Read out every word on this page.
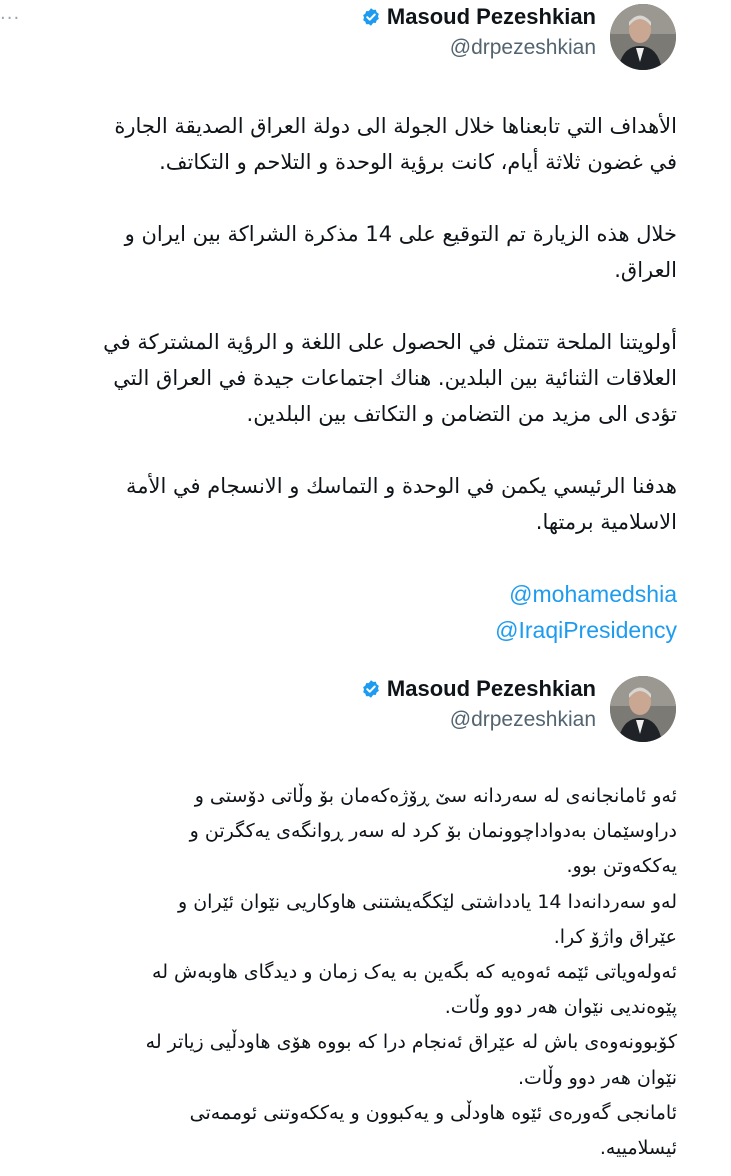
···	Masoud Pezeshkian
@drpezeshkian

الأهداف التي تابعناها خلال الجولة الى دولة العراق الصديقة الجارة
في غضون ثلاثة أيام، كانت برؤية الوحدة و التلاحم و التكاتف.

خلال هذه الزيارة تم التوقيع على 14 مذكرة الشراكة بين ايران و
العراق.

أولويتنا الملحة تتمثل في الحصول على اللغة و الرؤية المشتركة في
العلاقات الثنائية بين البلدين. هناك اجتماعات جيدة في العراق التي
تؤدى الى مزيد من التضامن و التكاتف بين البلدين.

هدفنا الرئيسي يكمن في الوحدة و التماسك و الانسجام في الأمة
الاسلامية برمتها.

@mohamedshia
@IraqiPresidency
Masoud Pezeshkian
@drpezeshkian

ئەو ئامانجانەی لە سەردانە سێ ڕۆژەکەمان بۆ وڵاتی دۆستی و

دراوسێمان بەدواداچوونمان بۆ کرد لە سەر ڕوانگەی یەکگرتن و

یەککەوتن بوو.

لەو سەردانەدا 14 یادداشتی لێکگەیشتنی هاوکاریی نێوان ئێران و

عێراق واژۆ کرا.

ئەولەویاتی ئێمە ئەوەیە کە بگەین بە یەک زمان و دیدگای هاوبەش لە

پێوەندیی نێوان هەر دوو وڵات.

کۆبوونەوەی باش لە عێراق ئەنجام درا کە بووە هۆی هاودڵیی زیاتر لە

نێوان هەر دوو وڵات.

ئامانجی گەورەی ئێوە هاودڵی و یەکبوون و یەککەوتنی ئوممەتی

ئیسلامییە.
